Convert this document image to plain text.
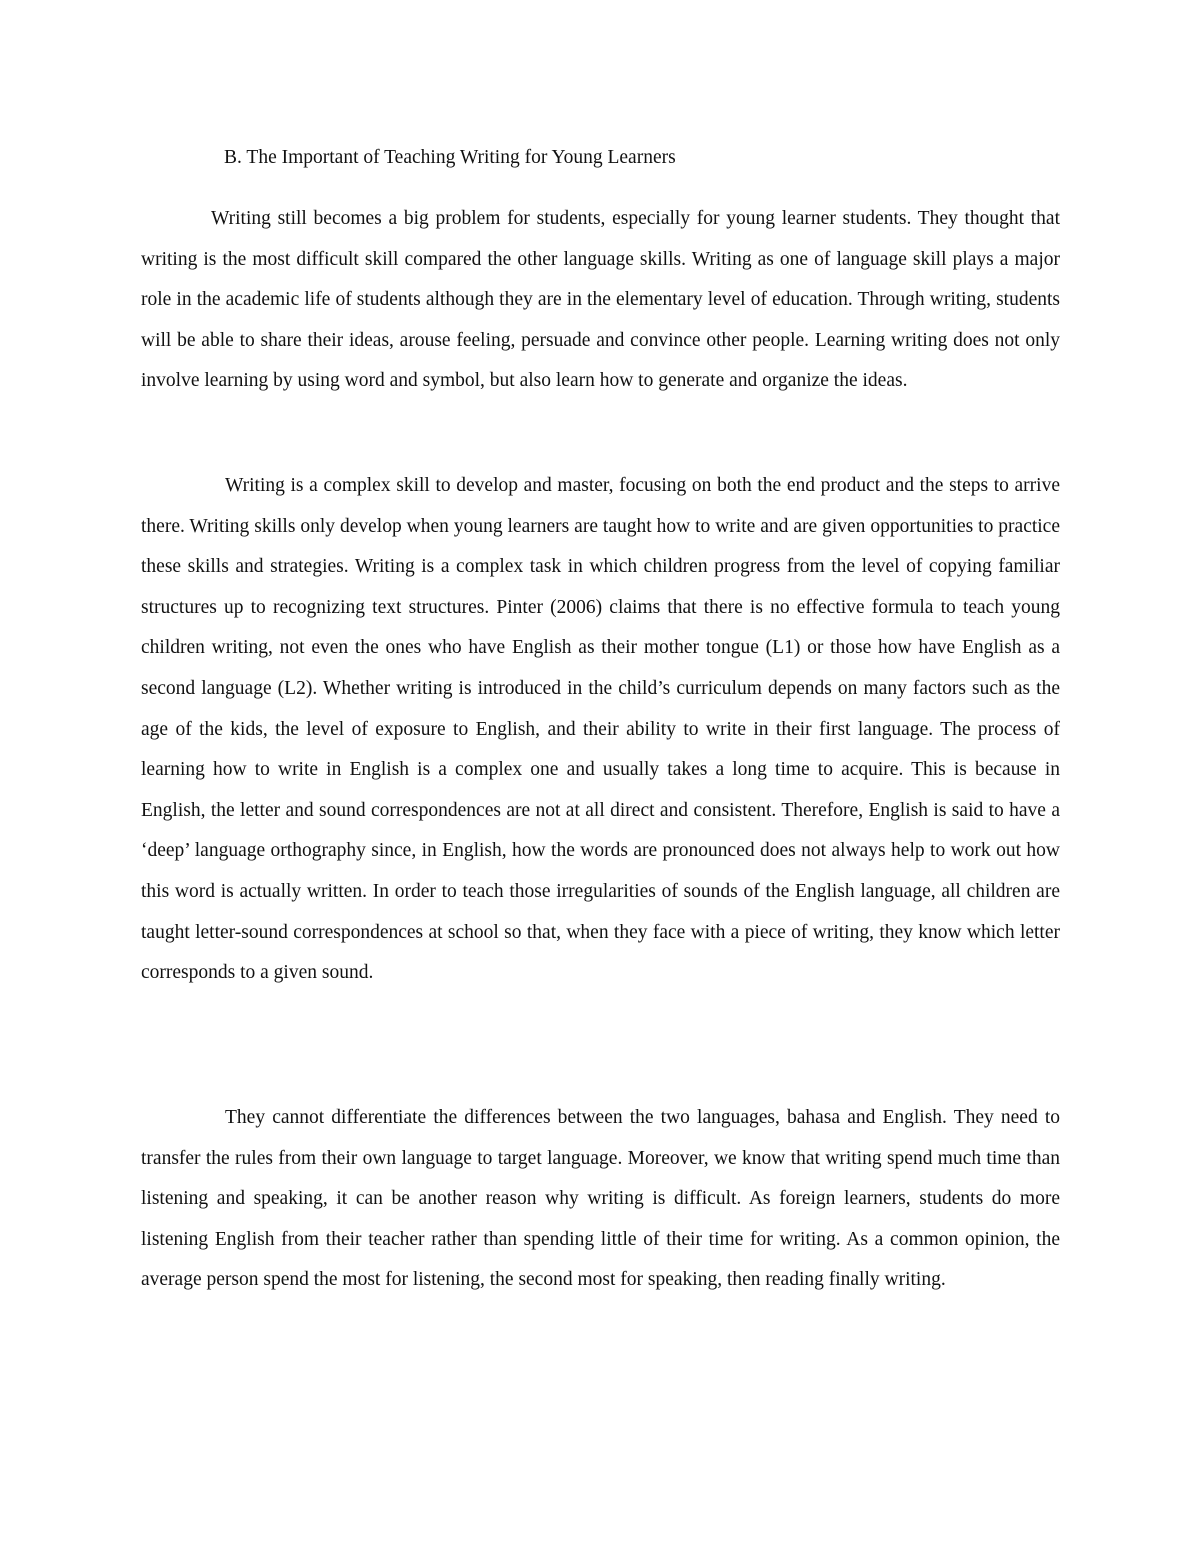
B. The Important of Teaching Writing for Young Learners

Writing still becomes a big problem for students, especially for young learner students. They thought that writing is the most difficult skill compared the other language skills. Writing as one of language skill plays a major role in the academic life of students although they are in the elementary level of education. Through writing, students will be able to share their ideas, arouse feeling, persuade and convince other people. Learning writing does not only involve learning by using word and symbol, but also learn how to generate and organize the ideas.

Writing is a complex skill to develop and master, focusing on both the end product and the steps to arrive there. Writing skills only develop when young learners are taught how to write and are given opportunities to practice these skills and strategies. Writing is a complex task in which children progress from the level of copying familiar structures up to recognizing text structures. Pinter (2006) claims that there is no effective formula to teach young children writing, not even the ones who have English as their mother tongue (L1) or those how have English as a second language (L2). Whether writing is introduced in the child’s curriculum depends on many factors such as the age of the kids, the level of exposure to English, and their ability to write in their first language. The process of learning how to write in English is a complex one and usually takes a long time to acquire. This is because in English, the letter and sound correspondences are not at all direct and consistent. Therefore, English is said to have a ‘deep’ language orthography since, in English, how the words are pronounced does not always help to work out how this word is actually written. In order to teach those irregularities of sounds of the English language, all children are taught letter-sound correspondences at school so that, when they face with a piece of writing, they know which letter corresponds to a given sound.

They cannot differentiate the differences between the two languages, bahasa and English. They need to transfer the rules from their own language to target language. Moreover, we know that writing spend much time than listening and speaking, it can be another reason why writing is difficult. As foreign learners, students do more listening English from their teacher rather than spending little of their time for writing. As a common opinion, the average person spend the most for listening, the second most for speaking, then reading finally writing.
